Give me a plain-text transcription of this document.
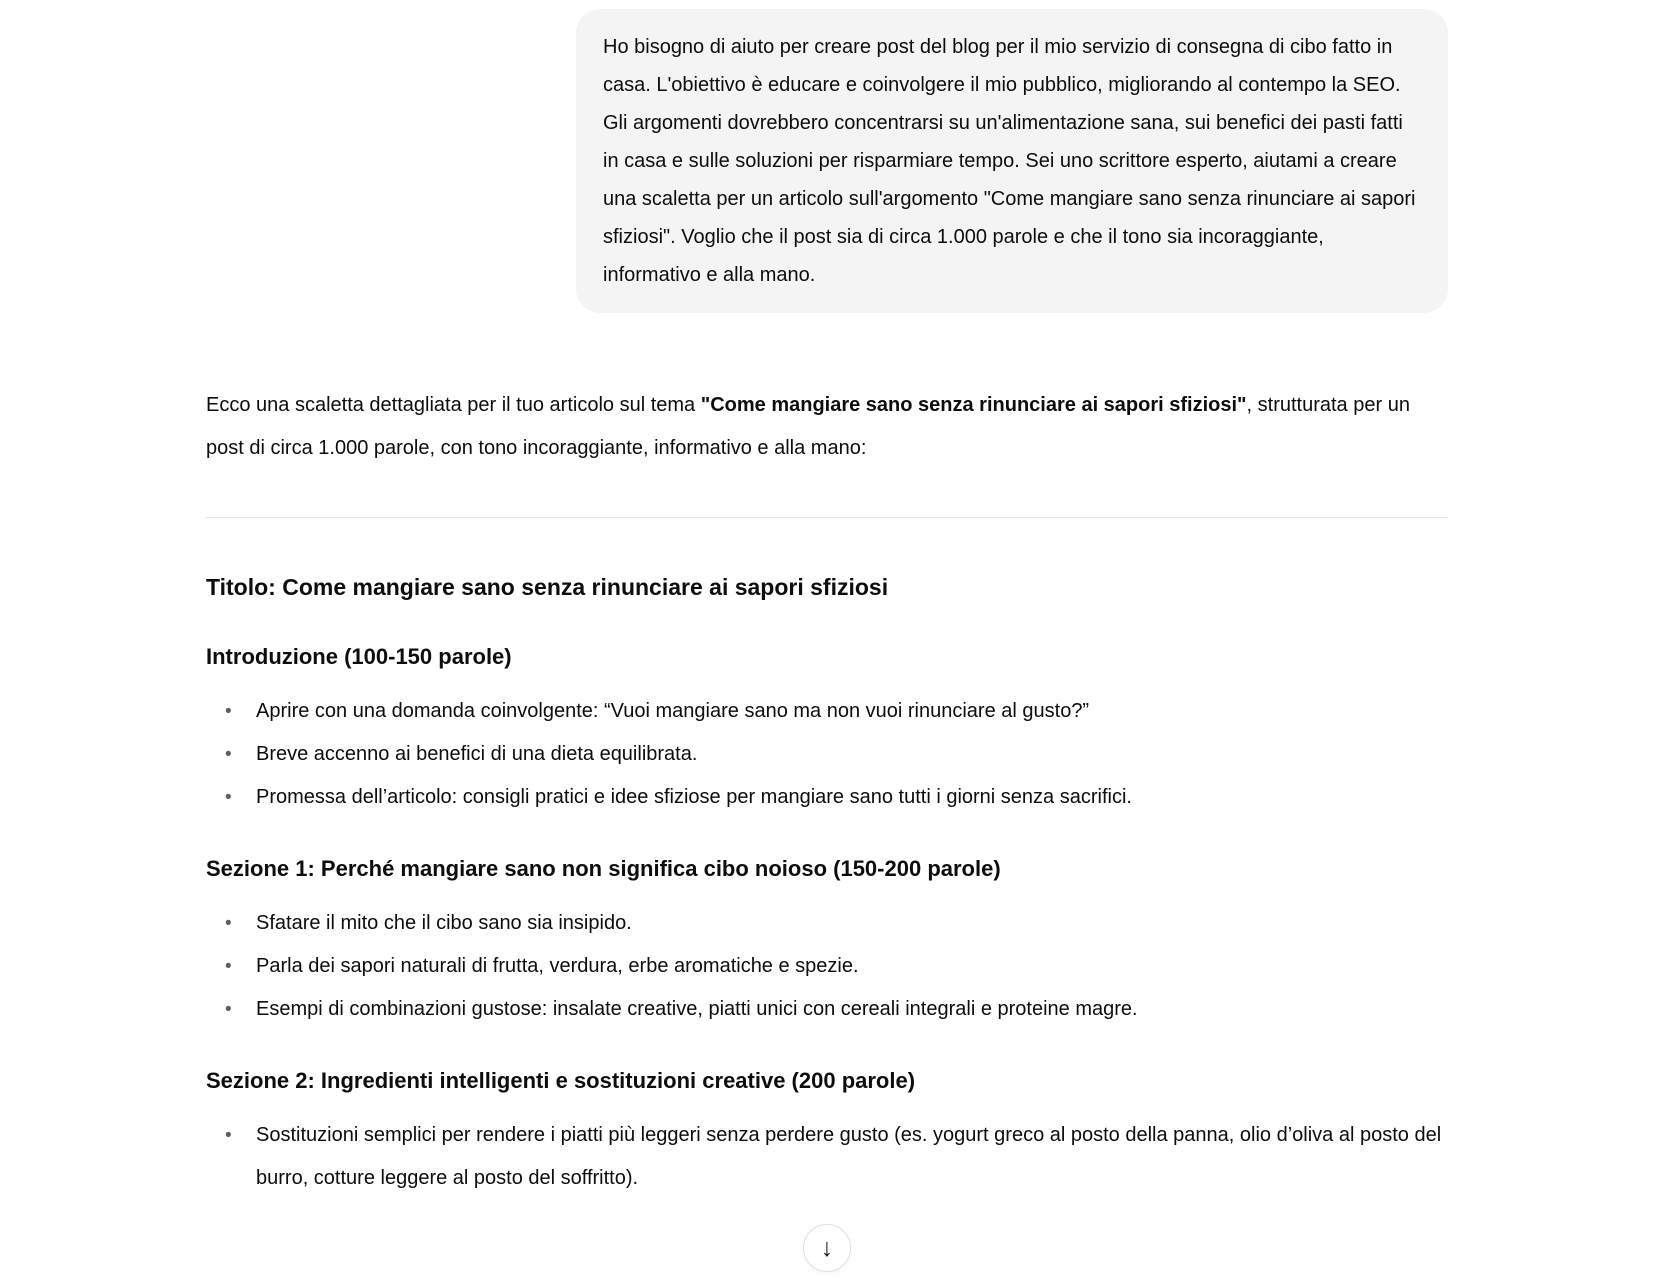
Ho bisogno di aiuto per creare post del blog per il mio servizio di consegna di cibo fatto in casa. L'obiettivo è educare e coinvolgere il mio pubblico, migliorando al contempo la SEO. Gli argomenti dovrebbero concentrarsi su un'alimentazione sana, sui benefici dei pasti fatti in casa e sulle soluzioni per risparmiare tempo. Sei uno scrittore esperto, aiutami a creare una scaletta per un articolo sull'argomento "Come mangiare sano senza rinunciare ai sapori sfiziosi". Voglio che il post sia di circa 1.000 parole e che il tono sia incoraggiante, informativo e alla mano.

Ecco una scaletta dettagliata per il tuo articolo sul tema "Come mangiare sano senza rinunciare ai sapori sfiziosi", strutturata per un post di circa 1.000 parole, con tono incoraggiante, informativo e alla mano:

Titolo: Come mangiare sano senza rinunciare ai sapori sfiziosi
Introduzione (100-150 parole)
• Aprire con una domanda coinvolgente: “Vuoi mangiare sano ma non vuoi rinunciare al gusto?”
• Breve accenno ai benefici di una dieta equilibrata.
• Promessa dell’articolo: consigli pratici e idee sfiziose per mangiare sano tutti i giorni senza sacrifici.
Sezione 1: Perché mangiare sano non significa cibo noioso (150-200 parole)
• Sfatare il mito che il cibo sano sia insipido.
• Parla dei sapori naturali di frutta, verdura, erbe aromatiche e spezie.
• Esempi di combinazioni gustose: insalate creative, piatti unici con cereali integrali e proteine magre.
Sezione 2: Ingredienti intelligenti e sostituzioni creative (200 parole)
• Sostituzioni semplici per rendere i piatti più leggeri senza perdere gusto (es. yogurt greco al posto della panna, olio d’oliva al posto del burro, cotture leggere al posto del soffritto).
↓
